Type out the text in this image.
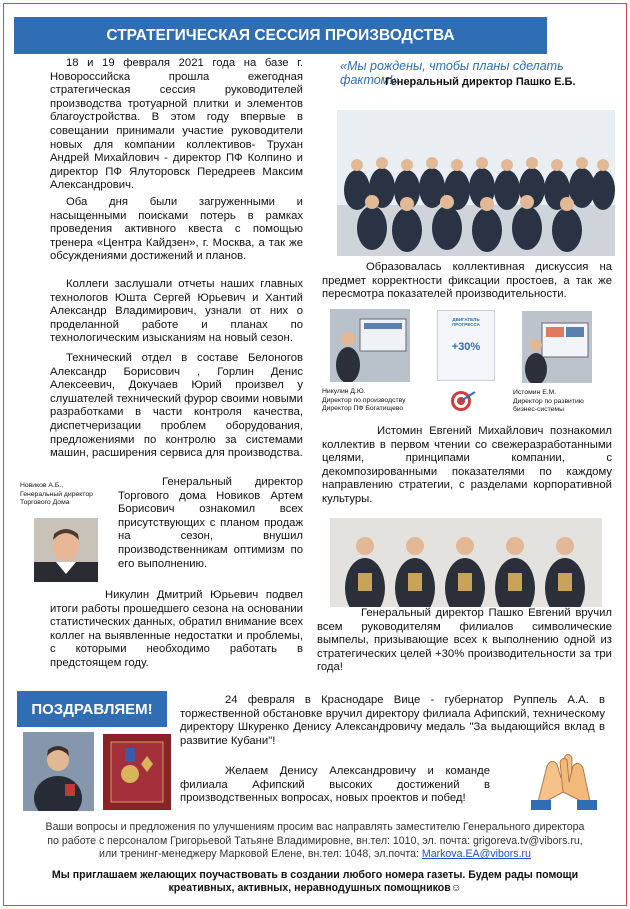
СТРАТЕГИЧЕСКАЯ СЕССИЯ ПРОИЗВОДСТВА
«Мы рождены, чтобы планы сделать фактом!»
Генеральный директор Пашко Е.Б.
18 и 19 февраля 2021 года на базе г. Новороссийска прошла ежегодная стратегическая сессия руководителей производства тротуарной плитки и элементов благоустройства. В этом году впервые в совещании принимали участие руководители новых для компании коллективов- Трухан Андрей Михайлович - директор ПФ Колпино и директор ПФ Ялуторовск Передреев Максим Александрович.
Оба дня были загруженными и насыщенными поисками потерь в рамках проведения активного квеста с помощью тренера «Центра Кайдзен», г. Москва, а так же обсуждениями достижений и планов.
Коллеги заслушали отчеты наших главных технологов Юшта Сергей Юрьевич и Хантий Александр Владимирович, узнали от них о проделанной работе и планах по технологическим изысканиям на новый сезон.
Технический отдел в составе Белоногов Александр Борисович , Горлин Денис Алексеевич, Докучаев Юрий произвел у слушателей технический фурор своими новыми разработками в части контроля качества, диспетчеризации проблем оборудования, предложениями по контролю за системами машин, расширения сервиса для производства.
Генеральный директор Торгового дома Новиков Артем Борисович ознакомил всех присутствующих с планом продаж на сезон, внушил производственникам оптимизм по его выполнению.
Новиков А.Б.,
Генеральный директор
Торгового Дома
Никулин Дмитрий Юрьевич подвел итоги работы прошедшего сезона на основании статистических данных, обратил внимание всех коллег на выявленные недостатки и проблемы, с которыми необходимо работать в предстоящем году.
Образовалась коллективная дискуссия на предмет корректности фиксации простоев, а так же пересмотра показателей производительности.
Никулин Д.Ю.
Директор по производству
Директор ПФ Богатищево
ДВИГАТЕЛЬ ПРОГРЕССА
+30%
Истомин Е.М.
Директор по развитию
бизнес-системы
Истомин Евгений Михайлович познакомил коллектив в первом чтении со свежеразработанными целями, принципами компании, с декомпозированными показателями по каждому направлению стратегии, с разделами корпоративной культуры.
Генеральный директор Пашко Евгений вручил всем руководителям филиалов символические вымпелы, призывающие всех к выполнению одной из стратегических целей +30% производительности за три года!
ПОЗДРАВЛЯЕМ!
24 февраля в Краснодаре Вице - губернатор Руппель А.А. в торжественной обстановке вручил директору филиала Афипский, техническому директору Шкуренко Денису Александровичу медаль "За выдающийся вклад в развитие Кубани"!
Желаем Денису Александровичу и команде филиала Афипский высоких достижений в производственных вопросах, новых проектов и побед!
Ваши вопросы и предложения по улучшениям просим вас направлять заместителю Генерального директора
по работе с персоналом Григорьевой Татьяне Владимировне, вн.тел: 1010, эл. почта: grigoreva.tv@vibors.ru,
или тренинг-менеджеру Марковой Елене, вн.тел: 1048, эл.почта: Markova.EA@vibors.ru
Мы приглашаем желающих поучаствовать в создании любого номера газеты. Будем рады помощи
креативных, активных, неравнодушных помощников☺
